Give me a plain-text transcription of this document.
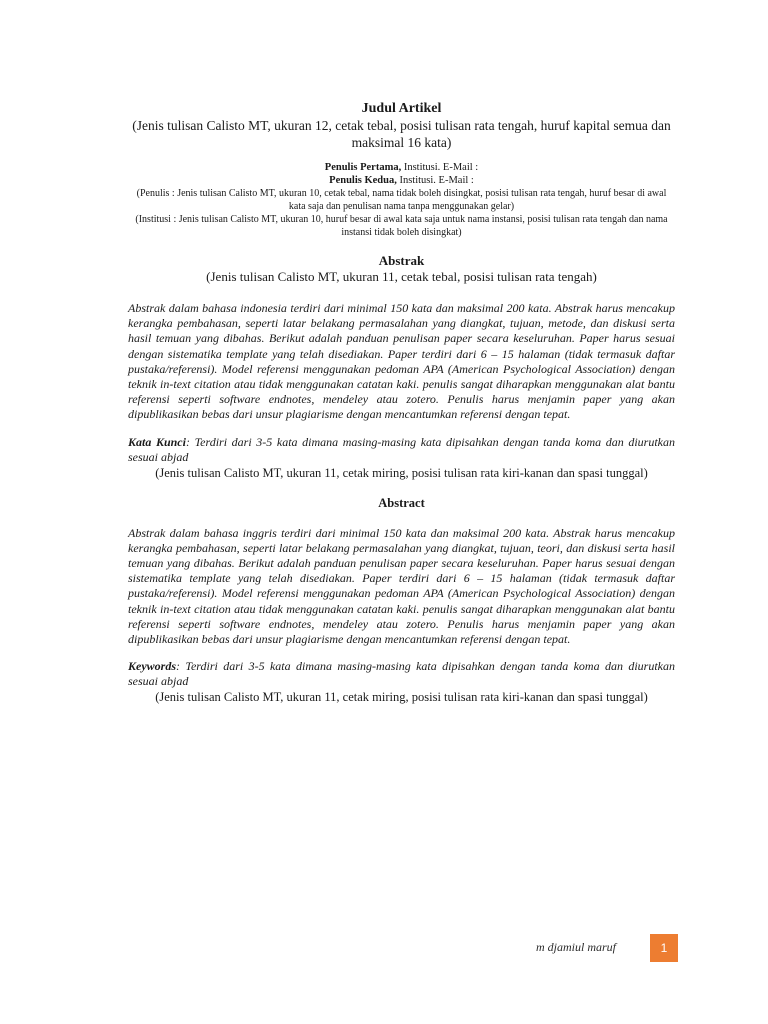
Judul Artikel
(Jenis tulisan Calisto MT, ukuran 12, cetak tebal, posisi tulisan rata tengah, huruf kapital semua dan maksimal 16 kata)
Penulis Pertama, Institusi. E-Mail :
Penulis Kedua, Institusi. E-Mail :
(Penulis : Jenis tulisan Calisto MT, ukuran 10, cetak tebal, nama tidak boleh disingkat, posisi tulisan rata tengah, huruf besar di awal kata saja dan penulisan nama tanpa menggunakan gelar)
(Institusi : Jenis tulisan Calisto MT, ukuran 10, huruf besar di awal kata saja untuk nama instansi, posisi tulisan rata tengah dan nama instansi tidak boleh disingkat)
Abstrak
(Jenis tulisan Calisto MT, ukuran 11, cetak tebal, posisi tulisan rata tengah)
Abstrak dalam bahasa indonesia terdiri dari minimal 150 kata dan maksimal 200 kata. Abstrak harus mencakup kerangka pembahasan, seperti latar belakang permasalahan yang diangkat, tujuan, metode, dan diskusi serta hasil temuan yang dibahas. Berikut adalah panduan penulisan paper secara keseluruhan. Paper harus sesuai dengan sistematika template yang telah disediakan. Paper terdiri dari 6 – 15 halaman (tidak termasuk daftar pustaka/referensi). Model referensi menggunakan pedoman APA (American Psychological Association) dengan teknik in-text citation atau tidak menggunakan catatan kaki. penulis sangat diharapkan menggunakan alat bantu referensi seperti software endnotes, mendeley atau zotero. Penulis harus menjamin paper yang akan dipublikasikan bebas dari unsur plagiarisme dengan mencantumkan referensi dengan tepat.
Kata Kunci: Terdiri dari 3-5 kata dimana masing-masing kata dipisahkan dengan tanda koma dan diurutkan sesuai abjad
(Jenis tulisan Calisto MT, ukuran 11, cetak miring, posisi tulisan rata kiri-kanan dan spasi tunggal)
Abstract
Abstrak dalam bahasa inggris terdiri dari minimal 150 kata dan maksimal 200 kata. Abstrak harus mencakup kerangka pembahasan, seperti latar belakang permasalahan yang diangkat, tujuan, teori, dan diskusi serta hasil temuan yang dibahas. Berikut adalah panduan penulisan paper secara keseluruhan. Paper harus sesuai dengan sistematika template yang telah disediakan. Paper terdiri dari 6 – 15 halaman (tidak termasuk daftar pustaka/referensi). Model referensi menggunakan pedoman APA (American Psychological Association) dengan teknik in-text citation atau tidak menggunakan catatan kaki. penulis sangat diharapkan menggunakan alat bantu referensi seperti software endnotes, mendeley atau zotero. Penulis harus menjamin paper yang akan dipublikasikan bebas dari unsur plagiarisme dengan mencantumkan referensi dengan tepat.
Keywords: Terdiri dari 3-5 kata dimana masing-masing kata dipisahkan dengan tanda koma dan diurutkan sesuai abjad
(Jenis tulisan Calisto MT, ukuran 11, cetak miring, posisi tulisan rata kiri-kanan dan spasi tunggal)
m djamiul maruf	1
